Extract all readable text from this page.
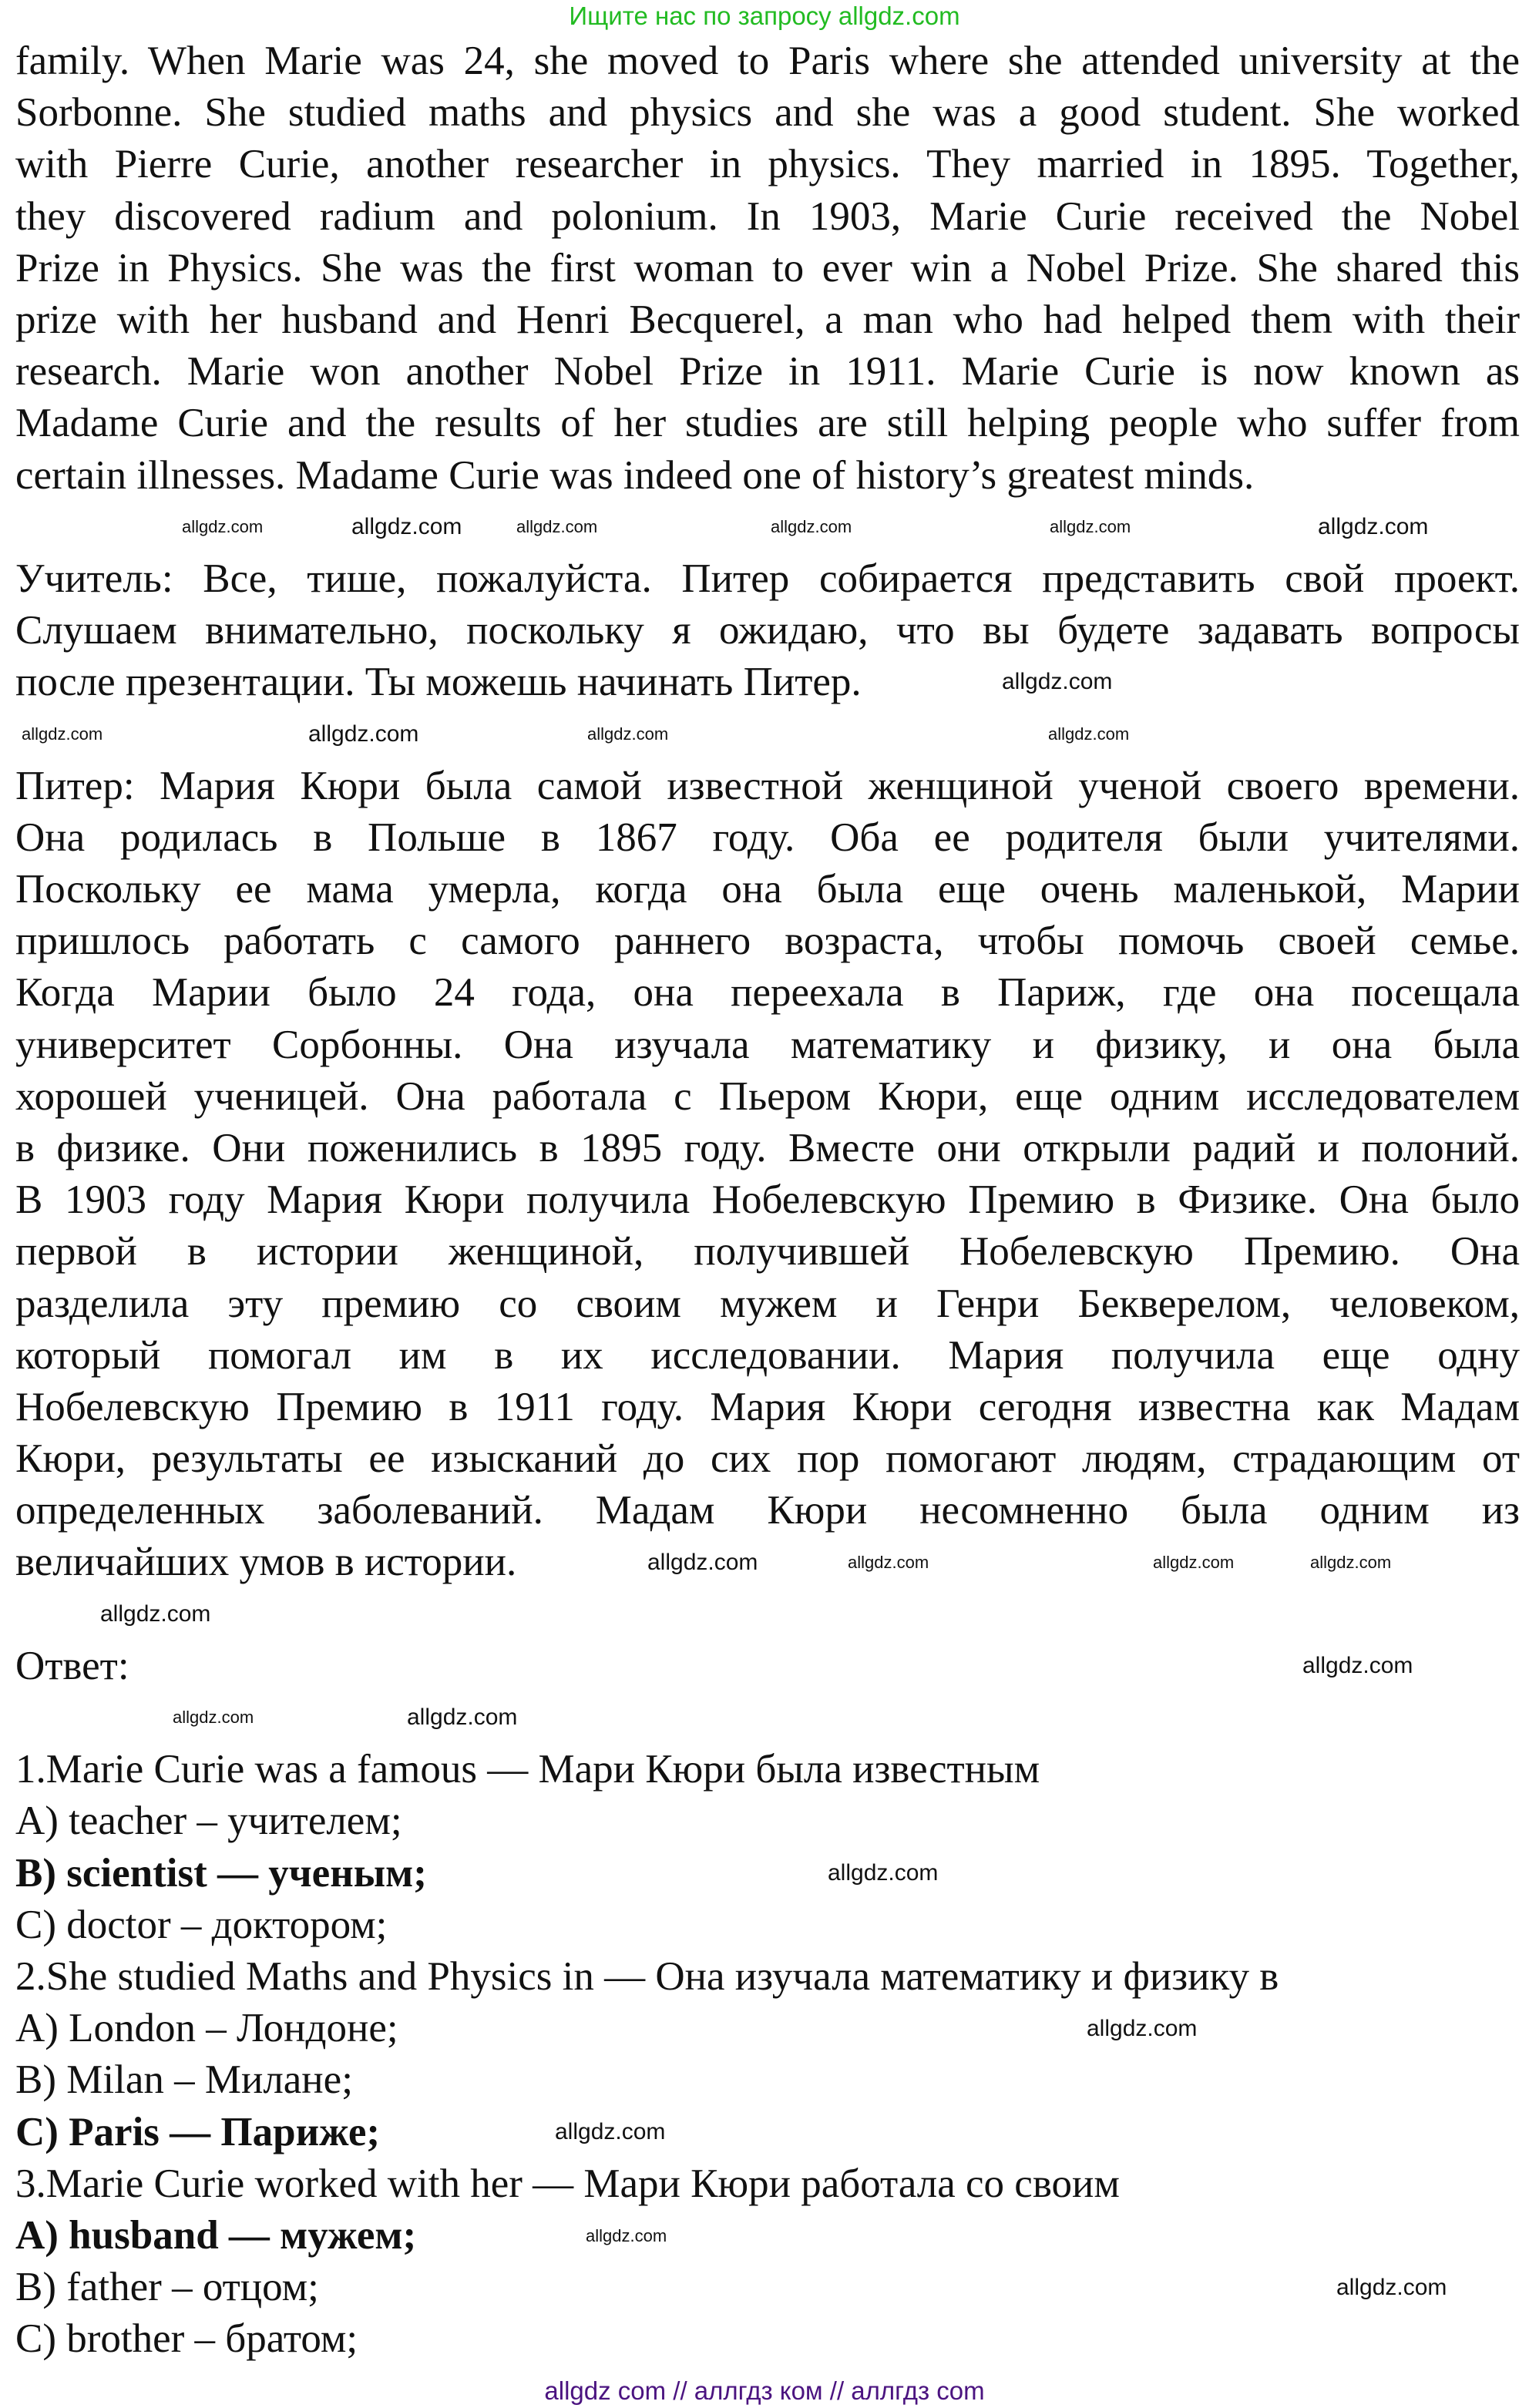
Ищите нас по запросу allgdz.com
family. When Marie was 24, she moved to Paris where she attended university at the
Sorbonne. She studied maths and physics and she was a good student. She worked
with Pierre Curie, another researcher in physics. They married in 1895. Together,
they discovered radium and polonium. In 1903, Marie Curie received the Nobel
Prize in Physics. She was the first woman to ever win a Nobel Prize. She shared this
prize with her husband and Henri Becquerel, a man who had helped them with their
research. Marie won another Nobel Prize in 1911. Marie Curie is now known as
Madame Curie and the results of her studies are still helping people who suffer from
certain illnesses. Madame Curie was indeed one of history’s greatest minds.
Учитель: Все, тише, пожалуйста. Питер собирается представить свой проект.
Слушаем внимательно, поскольку я ожидаю, что вы будете задавать вопросы
после презентации. Ты можешь начинать Питер.
Питер: Мария Кюри была самой известной женщиной ученой своего времени.
Она родилась в Польше в 1867 году. Оба ее родителя были учителями.
Поскольку ее мама умерла, когда она была еще очень маленькой, Марии
пришлось работать с самого раннего возраста, чтобы помочь своей семье.
Когда Марии было 24 года, она переехала в Париж, где она посещала
университет Сорбонны. Она изучала математику и физику, и она была
хорошей ученицей. Она работала с Пьером Кюри, еще одним исследователем
в физике. Они поженились в 1895 году. Вместе они открыли радий и полоний.
В 1903 году Мария Кюри получила Нобелевскую Премию в Физике. Она было
первой в истории женщиной, получившей Нобелевскую Премию. Она
разделила эту премию со своим мужем и Генри Бекверелом, человеком,
который помогал им в их исследовании. Мария получила еще одну
Нобелевскую Премию в 1911 году. Мария Кюри сегодня известна как Мадам
Кюри, результаты ее изысканий до сих пор помогают людям, страдающим от
определенных заболеваний. Мадам Кюри несомненно была одним из
величайших умов в истории.
Ответ:
1.Marie Curie was a famous — Мари Кюри была известным
A) teacher – учителем;
B) scientist — ученым;
C) doctor – доктором;
2.She studied Maths and Physics in — Она изучала математику и физику в
A) London – Лондоне;
B) Milan – Милане;
C) Paris — Париже;
3.Marie Curie worked with her — Мари Кюри работала со своим
A) husband — мужем;
B) father – отцом;
C) brother – братом;
allgdz.com	allgdz.com	allgdz.com	allgdz.com	allgdz.com	allgdz.com
allgdz.com
allgdz.com	allgdz.com	allgdz.com	allgdz.com
allgdz.com	allgdz.com	allgdz.com	allgdz.com
allgdz.com
allgdz.com
allgdz.com	allgdz.com
allgdz.com
allgdz.com
allgdz.com
allgdz.com
allgdz.com
allgdz com // аллгдз ком // аллгдз com
